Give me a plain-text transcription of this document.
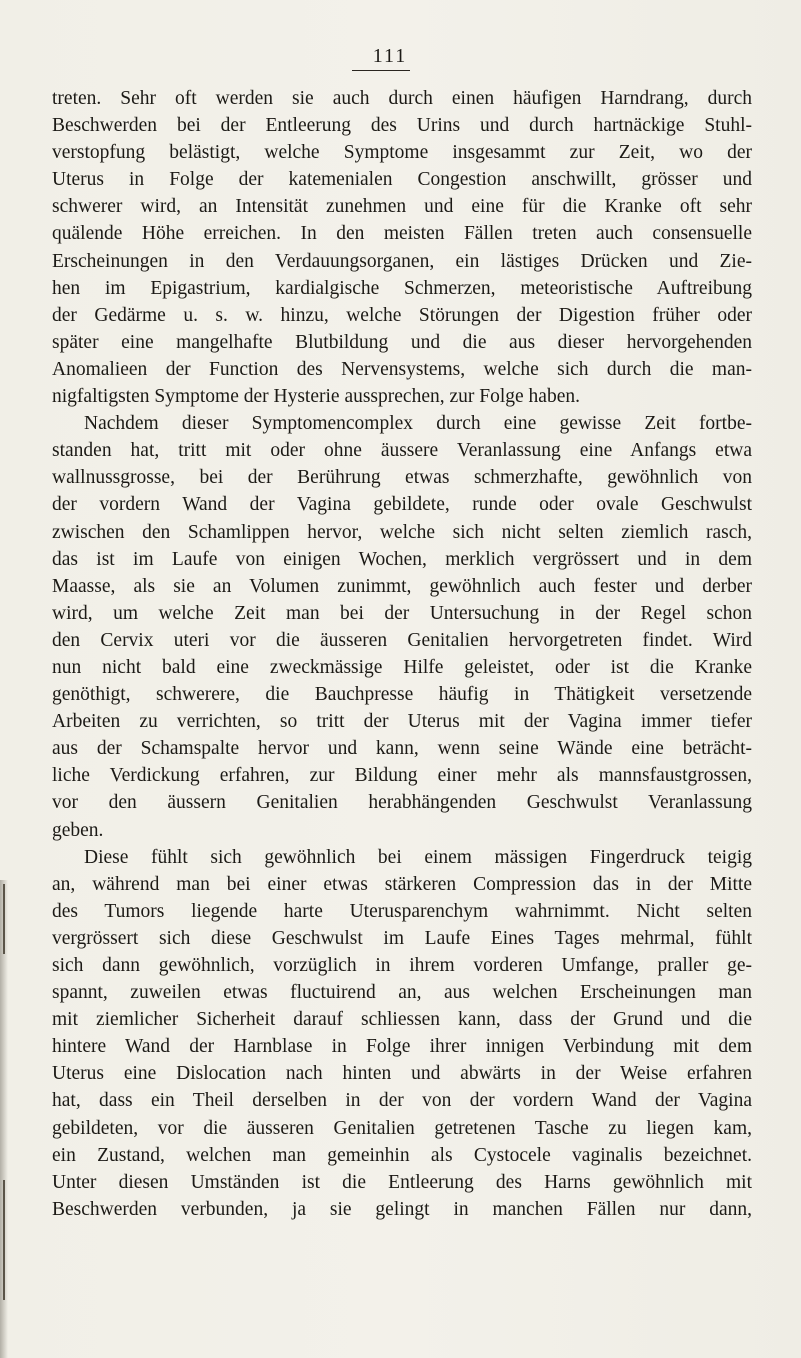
111
treten. Sehr oft werden sie auch durch einen häufigen Harndrang, durch
Beschwerden bei der Entleerung des Urins und durch hartnäckige Stuhl-
verstopfung belästigt, welche Symptome insgesammt zur Zeit, wo der
Uterus in Folge der katemenialen Congestion anschwillt, grösser und
schwerer wird, an Intensität zunehmen und eine für die Kranke oft sehr
quälende Höhe erreichen. In den meisten Fällen treten auch consensuelle
Erscheinungen in den Verdauungsorganen, ein lästiges Drücken und Zie-
hen im Epigastrium, kardialgische Schmerzen, meteoristische Auftreibung
der Gedärme u. s. w. hinzu, welche Störungen der Digestion früher oder
später eine mangelhafte Blutbildung und die aus dieser hervorgehenden
Anomalieen der Function des Nervensystems, welche sich durch die man-
nigfaltigsten Symptome der Hysterie aussprechen, zur Folge haben.
Nachdem dieser Symptomencomplex durch eine gewisse Zeit fortbe-
standen hat, tritt mit oder ohne äussere Veranlassung eine Anfangs etwa
wallnussgrosse, bei der Berührung etwas schmerzhafte, gewöhnlich von
der vordern Wand der Vagina gebildete, runde oder ovale Geschwulst
zwischen den Schamlippen hervor, welche sich nicht selten ziemlich rasch,
das ist im Laufe von einigen Wochen, merklich vergrössert und in dem
Maasse, als sie an Volumen zunimmt, gewöhnlich auch fester und derber
wird, um welche Zeit man bei der Untersuchung in der Regel schon
den Cervix uteri vor die äusseren Genitalien hervorgetreten findet. Wird
nun nicht bald eine zweckmässige Hilfe geleistet, oder ist die Kranke
genöthigt, schwerere, die Bauchpresse häufig in Thätigkeit versetzende
Arbeiten zu verrichten, so tritt der Uterus mit der Vagina immer tiefer
aus der Schamspalte hervor und kann, wenn seine Wände eine beträcht-
liche Verdickung erfahren, zur Bildung einer mehr als mannsfaustgrossen,
vor den äussern Genitalien herabhängenden Geschwulst Veranlassung
geben.
Diese fühlt sich gewöhnlich bei einem mässigen Fingerdruck teigig
an, während man bei einer etwas stärkeren Compression das in der Mitte
des Tumors liegende harte Uterusparenchym wahrnimmt. Nicht selten
vergrössert sich diese Geschwulst im Laufe Eines Tages mehrmal, fühlt
sich dann gewöhnlich, vorzüglich in ihrem vorderen Umfange, praller ge-
spannt, zuweilen etwas fluctuirend an, aus welchen Erscheinungen man
mit ziemlicher Sicherheit darauf schliessen kann, dass der Grund und die
hintere Wand der Harnblase in Folge ihrer innigen Verbindung mit dem
Uterus eine Dislocation nach hinten und abwärts in der Weise erfahren
hat, dass ein Theil derselben in der von der vordern Wand der Vagina
gebildeten, vor die äusseren Genitalien getretenen Tasche zu liegen kam,
ein Zustand, welchen man gemeinhin als Cystocele vaginalis bezeichnet.
Unter diesen Umständen ist die Entleerung des Harns gewöhnlich mit
Beschwerden verbunden, ja sie gelingt in manchen Fällen nur dann,
